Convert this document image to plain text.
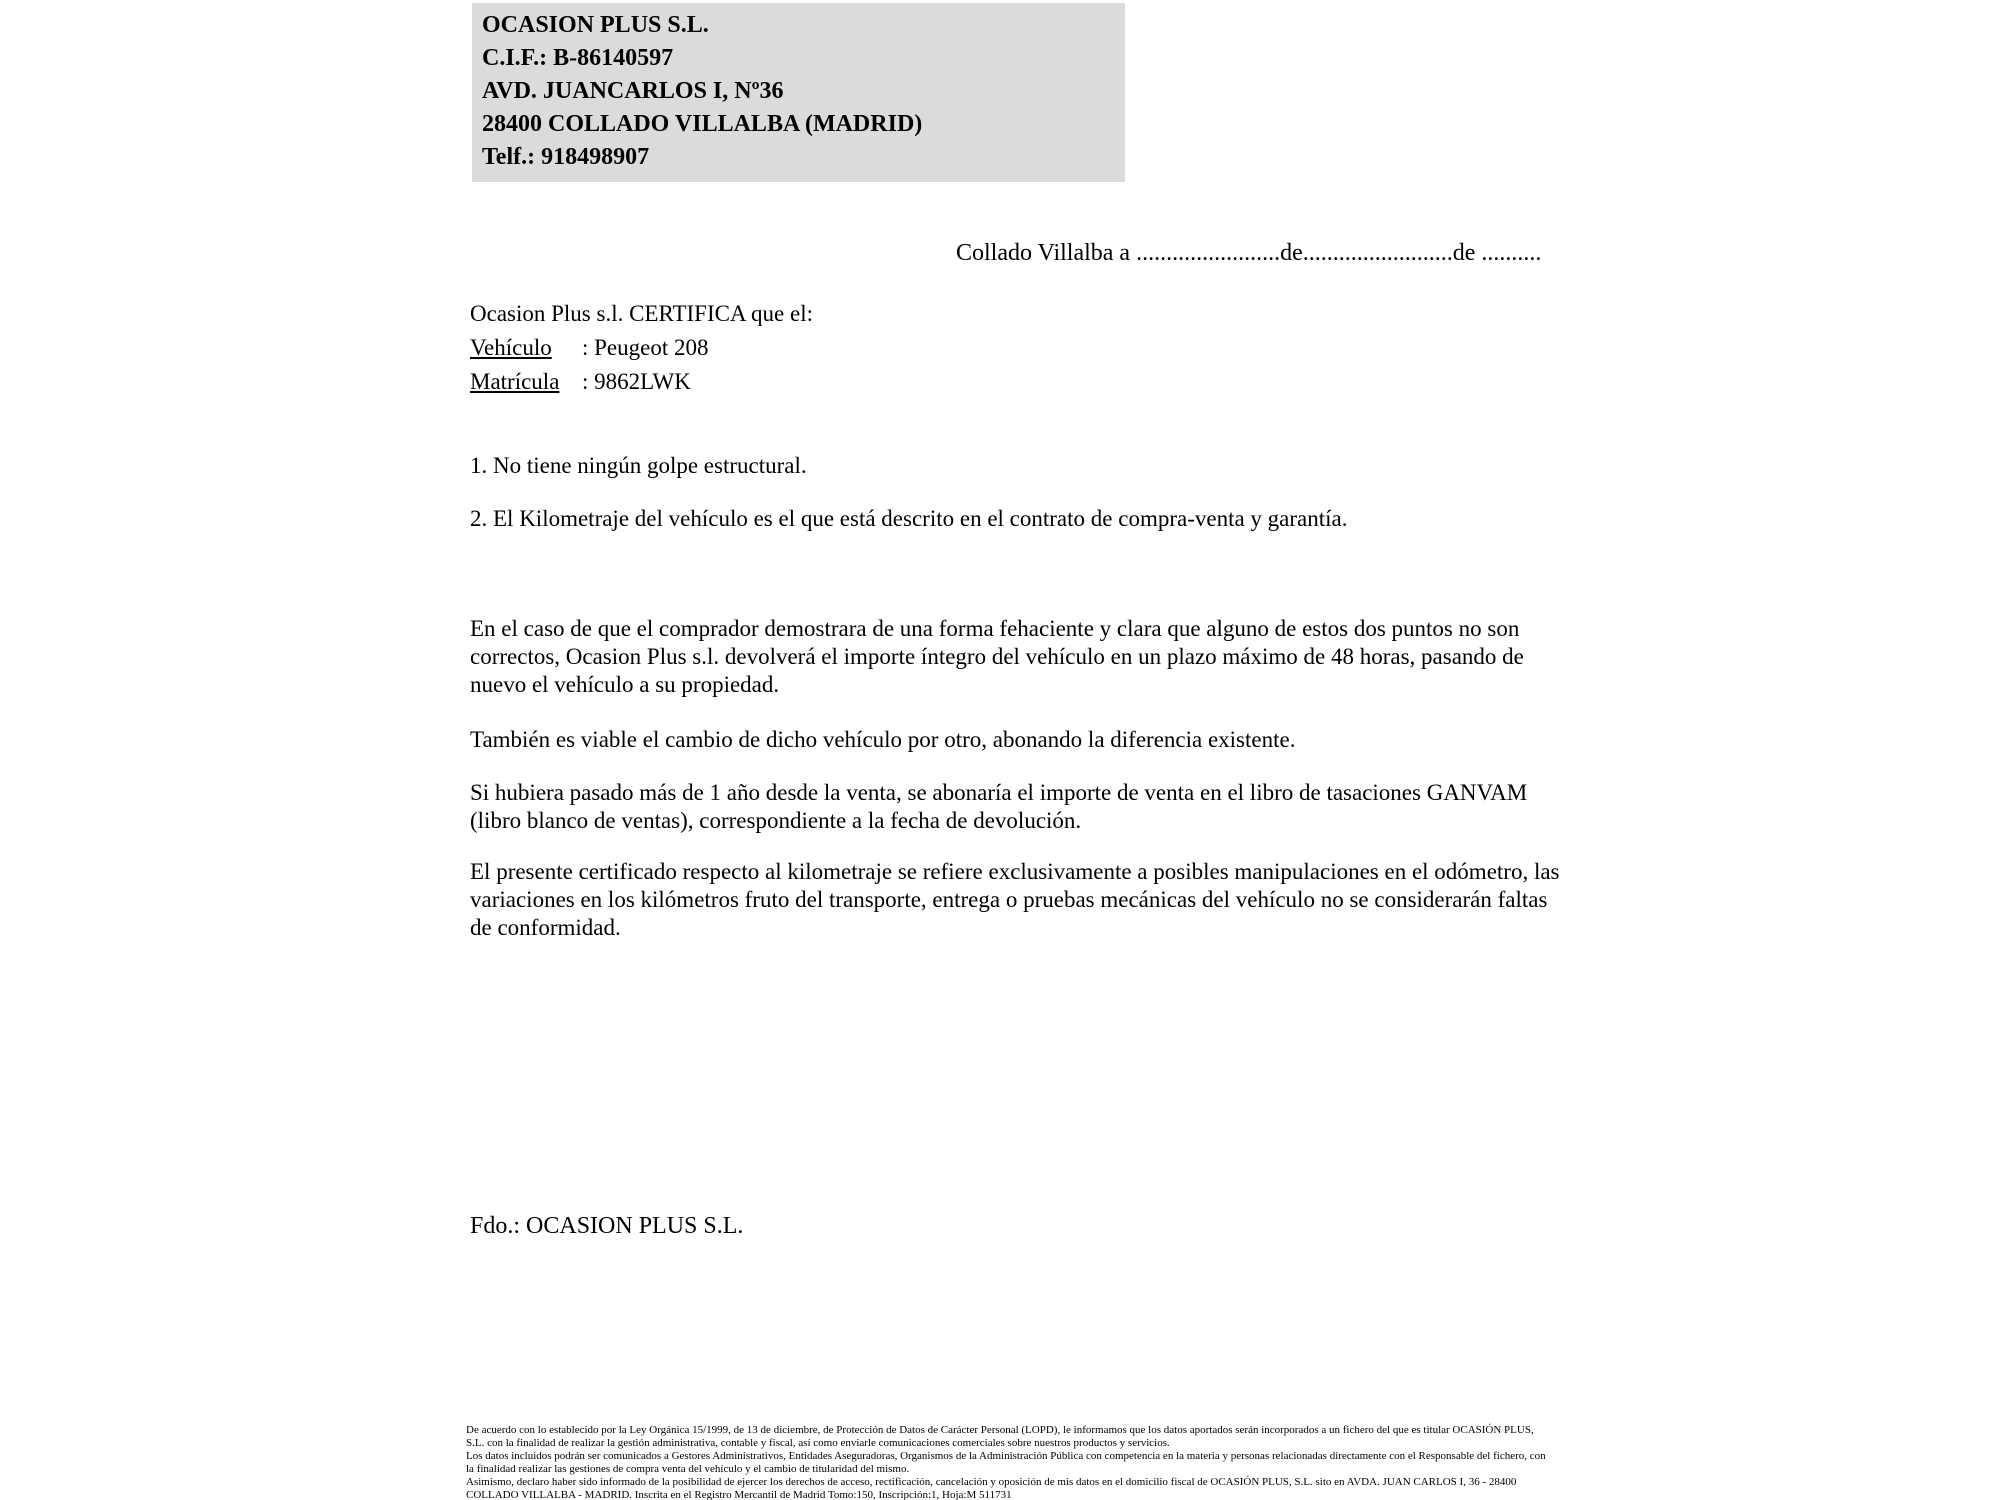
OCASION PLUS S.L.
C.I.F.: B-86140597
AVD. JUANCARLOS I, Nº36
28400 COLLADO VILLALBA (MADRID)
Telf.: 918498907
Collado Villalba a ........................de.........................de ..........
Ocasion Plus s.l. CERTIFICA que el:
Vehículo : Peugeot 208
Matrícula : 9862LWK
1. No tiene ningún golpe estructural.
2. El Kilometraje del vehículo es el que está descrito en el contrato de compra-venta y garantía.
En el caso de que el comprador demostrara de una forma fehaciente y clara que alguno de estos dos puntos no son correctos, Ocasion Plus s.l. devolverá el importe íntegro del vehículo en un plazo máximo de 48 horas, pasando de nuevo el vehículo a su propiedad.
También es viable el cambio de dicho vehículo por otro, abonando la diferencia existente.
Si hubiera pasado más de 1 año desde la venta, se abonaría el importe de venta en el libro de tasaciones GANVAM (libro blanco de ventas), correspondiente a la fecha de devolución.
El presente certificado respecto al kilometraje se refiere exclusivamente a posibles manipulaciones en el odómetro, las variaciones en los kilómetros fruto del transporte, entrega o pruebas mecánicas del vehículo no se considerarán faltas de conformidad.
Fdo.: OCASION PLUS S.L.

De acuerdo con lo establecido por la Ley Orgánica 15/1999, de 13 de diciembre, de Protección de Datos de Carácter Personal (LOPD), le informamos que los datos aportados serán incorporados a un fichero del que es titular OCASIÓN PLUS, S.L. con la finalidad de realizar la gestión administrativa, contable y fiscal, así como enviarle comunicaciones comerciales sobre nuestros productos y servicios.

Los datos incluidos podrán ser comunicados a Gestores Administrativos, Entidades Aseguradoras, Organismos de la Administración Pública con competencia en la materia y personas relacionadas directamente con el Responsable del fichero, con la finalidad realizar las gestiones de compra venta del vehículo y el cambio de titularidad del mismo.

Asimismo, declaro haber sido informado de la posibilidad de ejercer los derechos de acceso, rectificación, cancelación y oposición de mis datos en el domicilio fiscal de OCASIÓN PLUS, S.L. sito en AVDA. JUAN CARLOS I, 36 - 28400 COLLADO VILLALBA - MADRID. Inscrita en el Registro Mercantil de Madrid Tomo:150, Inscripción:1, Hoja:M 511731
